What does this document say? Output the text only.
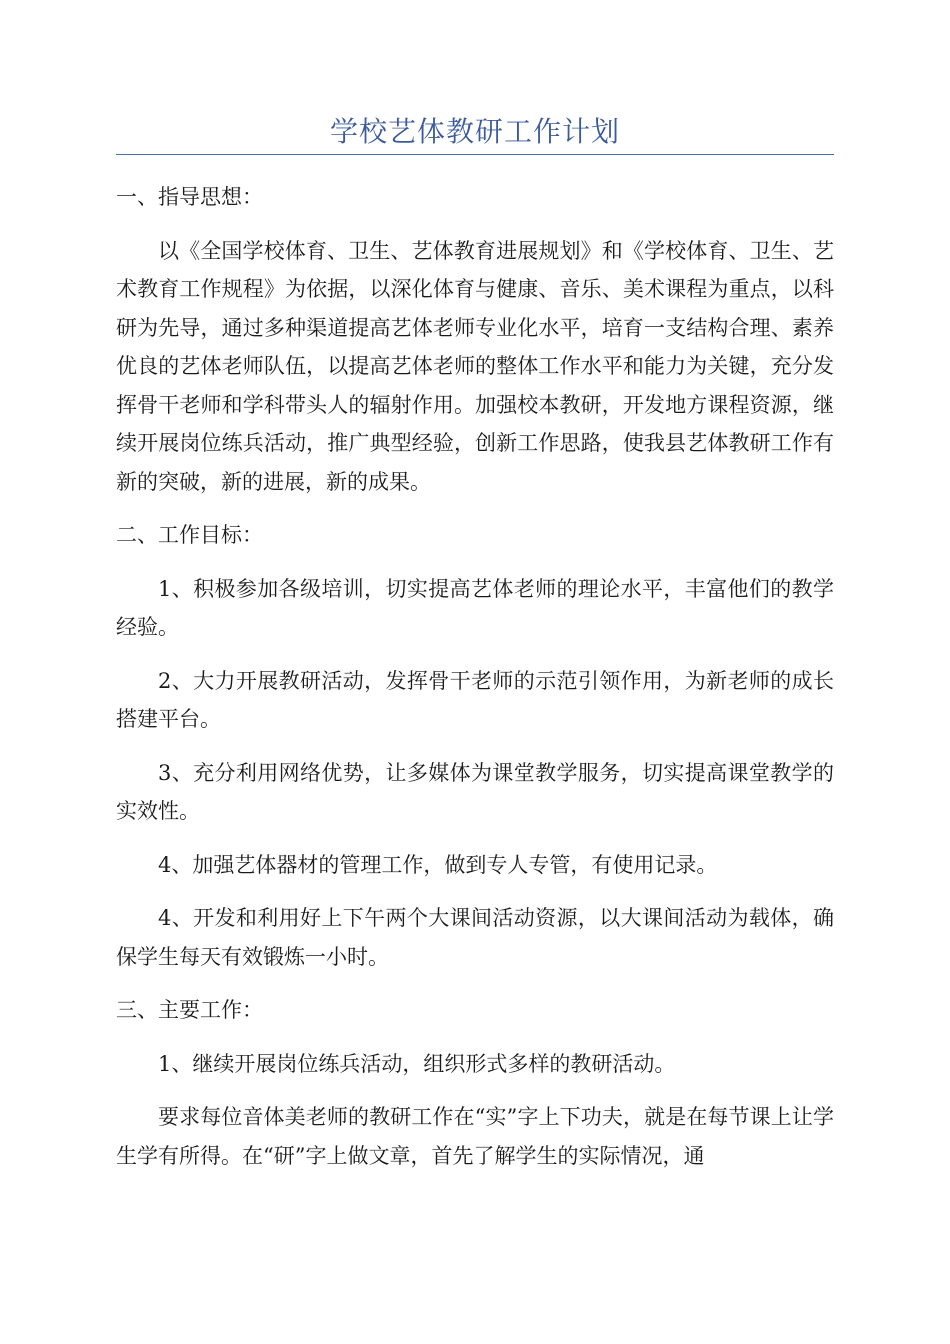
学校艺体教研工作计划

一、指导思想：

以《全国学校体育、卫生、艺体教育进展规划》和《学校体育、卫生、艺术教育工作规程》为依据，以深化体育与健康、音乐、美术课程为重点，以科研为先导，通过多种渠道提高艺体老师专业化水平，培育一支结构合理、素养优良的艺体老师队伍，以提高艺体老师的整体工作水平和能力为关键，充分发挥骨干老师和学科带头人的辐射作用。加强校本教研，开发地方课程资源，继续开展岗位练兵活动，推广典型经验，创新工作思路，使我县艺体教研工作有新的突破，新的进展，新的成果。

二、工作目标：

1、积极参加各级培训，切实提高艺体老师的理论水平，丰富他们的教学经验。

2、大力开展教研活动，发挥骨干老师的示范引领作用，为新老师的成长搭建平台。

3、充分利用网络优势，让多媒体为课堂教学服务，切实提高课堂教学的实效性。

4、加强艺体器材的管理工作，做到专人专管，有使用记录。

4、开发和利用好上下午两个大课间活动资源，以大课间活动为载体，确保学生每天有效锻炼一小时。

三、主要工作：

1、继续开展岗位练兵活动，组织形式多样的教研活动。

要求每位音体美老师的教研工作在“实”字上下功夫，就是在每节课上让学生学有所得。在“研”字上做文章，首先了解学生的实际情况，通
